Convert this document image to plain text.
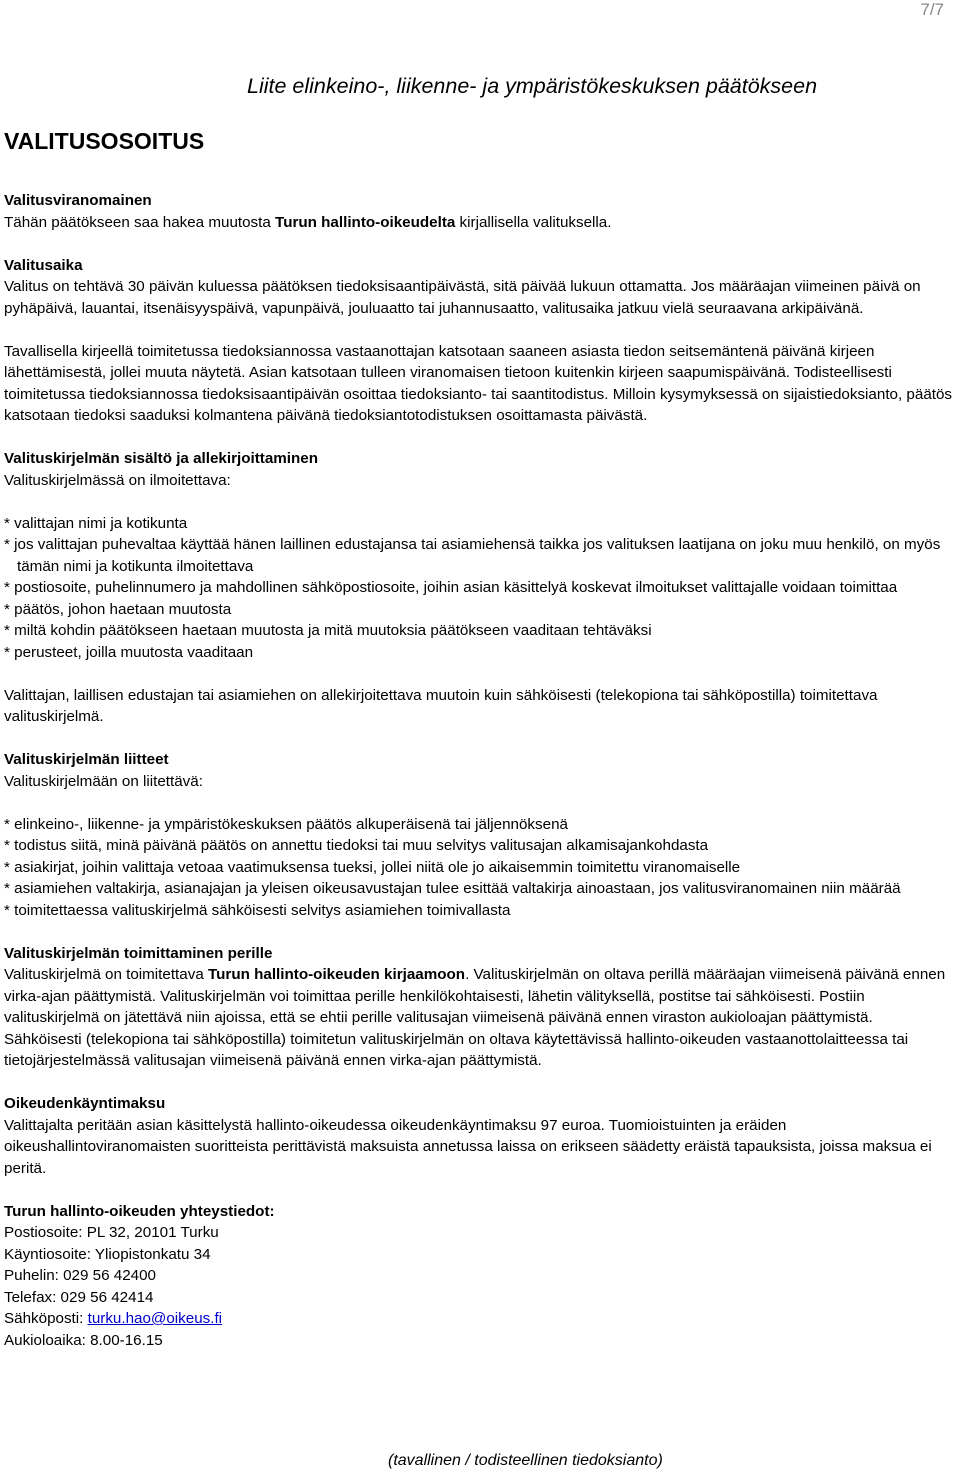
7/7
Liite elinkeino-, liikenne- ja ympäristökeskuksen päätökseen
VALITUSOSOITUS
Valitusviranomainen

Tähän päätökseen saa hakea muutosta Turun hallinto-oikeudelta kirjallisella valituksella.

Valitusaika

Valitus on tehtävä 30 päivän kuluessa päätöksen tiedoksisaantipäivästä, sitä päivää lukuun ottamatta. Jos määräajan viimeinen päivä on pyhäpäivä, lauantai, itsenäisyyspäivä, vapunpäivä, jouluaatto tai juhannusaatto, valitusaika jatkuu vielä seuraavana arkipäivänä.

Tavallisella kirjeellä toimitetussa tiedoksiannossa vastaanottajan katsotaan saaneen asiasta tiedon seitsemäntenä päivänä kirjeen lähettämisestä, jollei muuta näytetä. Asian katsotaan tulleen viranomaisen tietoon kuitenkin kirjeen saapumispäivänä. Todisteellisesti toimitetussa tiedoksiannossa tiedoksisaantipäivän osoittaa tiedoksianto- tai saantitodistus. Milloin kysymyksessä on sijaistiedoksianto, päätös katsotaan tiedoksi saaduksi kolmantena päivänä tiedoksiantotodistuksen osoittamasta päivästä.

Valituskirjelmän sisältö ja allekirjoittaminen

Valituskirjelmässä on ilmoitettava:

* valittajan nimi ja kotikunta
* jos valittajan puhevaltaa käyttää hänen laillinen edustajansa tai asiamiehensä taikka jos valituksen laatijana on joku muu henkilö, on myös tämän nimi ja kotikunta ilmoitettava
* postiosoite, puhelinnumero ja mahdollinen sähköpostiosoite, joihin asian käsittelyä koskevat ilmoitukset valittajalle voidaan toimittaa
* päätös, johon haetaan muutosta
* miltä kohdin päätökseen haetaan muutosta ja mitä muutoksia päätökseen vaaditaan tehtäväksi
* perusteet, joilla muutosta vaaditaan

Valittajan, laillisen edustajan tai asiamiehen on allekirjoitettava muutoin kuin sähköisesti (telekopiona tai sähköpostilla) toimitettava valituskirjelmä.

Valituskirjelmän liitteet

Valituskirjelmään on liitettävä:

* elinkeino-, liikenne- ja ympäristökeskuksen päätös alkuperäisenä tai jäljennöksenä
* todistus siitä, minä päivänä päätös on annettu tiedoksi tai muu selvitys valitusajan alkamisajankohdasta
* asiakirjat, joihin valittaja vetoaa vaatimuksensa tueksi, jollei niitä ole jo aikaisemmin toimitettu viranomaiselle
* asiamiehen valtakirja, asianajajan ja yleisen oikeusavustajan tulee esittää valtakirja ainoastaan, jos valitusviranomainen niin määrää
* toimitettaessa valituskirjelmä sähköisesti selvitys asiamiehen toimivallasta
Valituskirjelmän toimittaminen perille

Valituskirjelmä on toimitettava Turun hallinto-oikeuden kirjaamoon. Valituskirjelmän on oltava perillä määräajan viimeisenä päivänä ennen virka-ajan päättymistä. Valituskirjelmän voi toimittaa perille henkilökohtaisesti, lähetin välityksellä, postitse tai sähköisesti. Postiin valituskirjelmä on jätettävä niin ajoissa, että se ehtii perille valitusajan viimeisenä päivänä ennen viraston aukioloajan päättymistä. Sähköisesti (telekopiona tai sähköpostilla) toimitetun valituskirjelmän on oltava käytettävissä hallinto-oikeuden vastaanottolaitteessa tai tietojärjestelmässä valitusajan viimeisenä päivänä ennen virka-ajan päättymistä.

Oikeudenkäyntimaksu

Valittajalta peritään asian käsittelystä hallinto-oikeudessa oikeudenkäyntimaksu 97 euroa. Tuomioistuinten ja eräiden oikeushallintoviranomaisten suoritteista perittävistä maksuista annetussa laissa on erikseen säädetty eräistä tapauksista, joissa maksua ei peritä.

Turun hallinto-oikeuden yhteystiedot:
Postiosoite: PL 32, 20101 Turku
Käyntiosoite: Yliopistonkatu 34
Puhelin: 029 56 42400
Telefax: 029 56 42414
Sähköposti: turku.hao@oikeus.fi
Aukioloaika: 8.00-16.15
(tavallinen / todisteellinen tiedoksianto)
